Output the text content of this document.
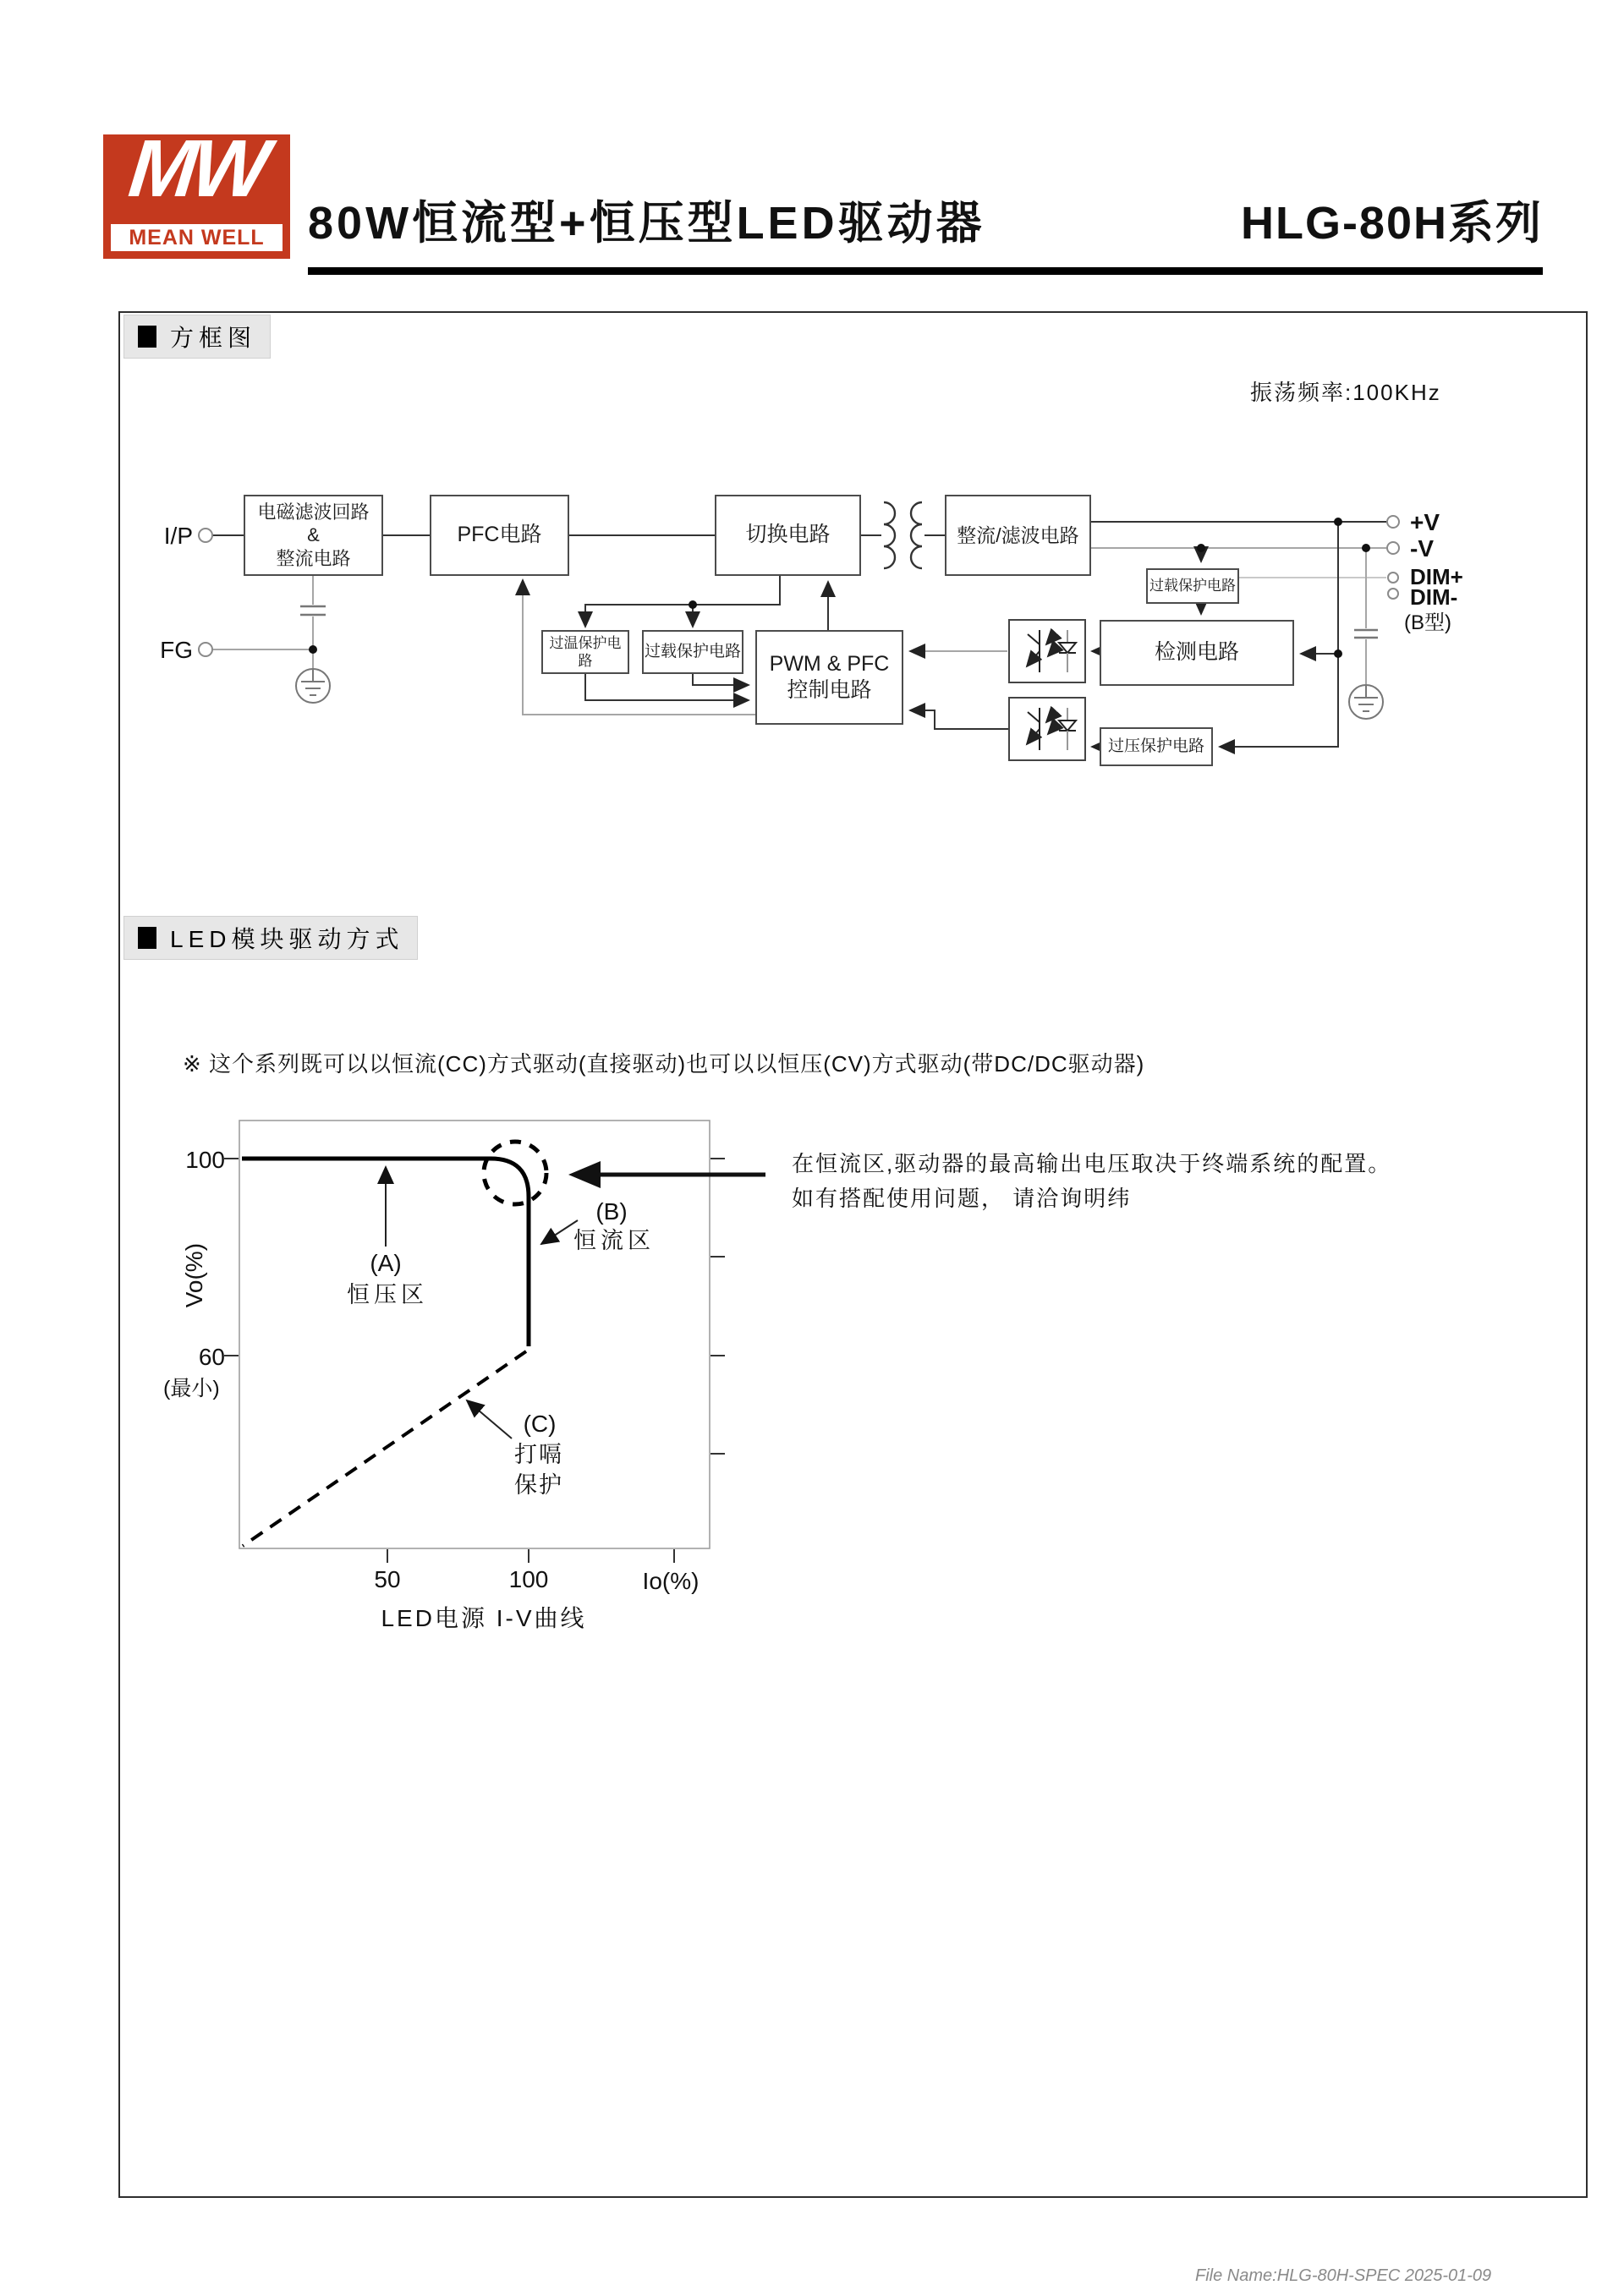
MW
MEAN WELL 80W恒流型+恒压型LED驱动器	HLG-80H系列
方框图
振荡频率:100KHz
电磁滤波回路
&
整流电路
PFC电路	切换电路	整流/滤波电路
过温保护电路
过载保护电路
PWM & PFC
控制电路
过载保护电路
检测电路
过压保护电路
I/P
FG
+V
-V
DIM+
DIM-
(B型)
LED模块驱动方式
※ 这个系列既可以以恒流(CC)方式驱动(直接驱动)也可以以恒压(CV)方式驱动(带DC/DC驱动器)
100
Vo(%)
60
(最小)
(A)
恒压区
(B)
恒流区
(C)
打嗝
保护
50	100	Io(%)
LED电源 I-V曲线
在恒流区,驱动器的最高输出电压取决于终端系统的配置。
如有搭配使用问题， 请洽询明纬
File Name:HLG-80H-SPEC 2025-01-09
